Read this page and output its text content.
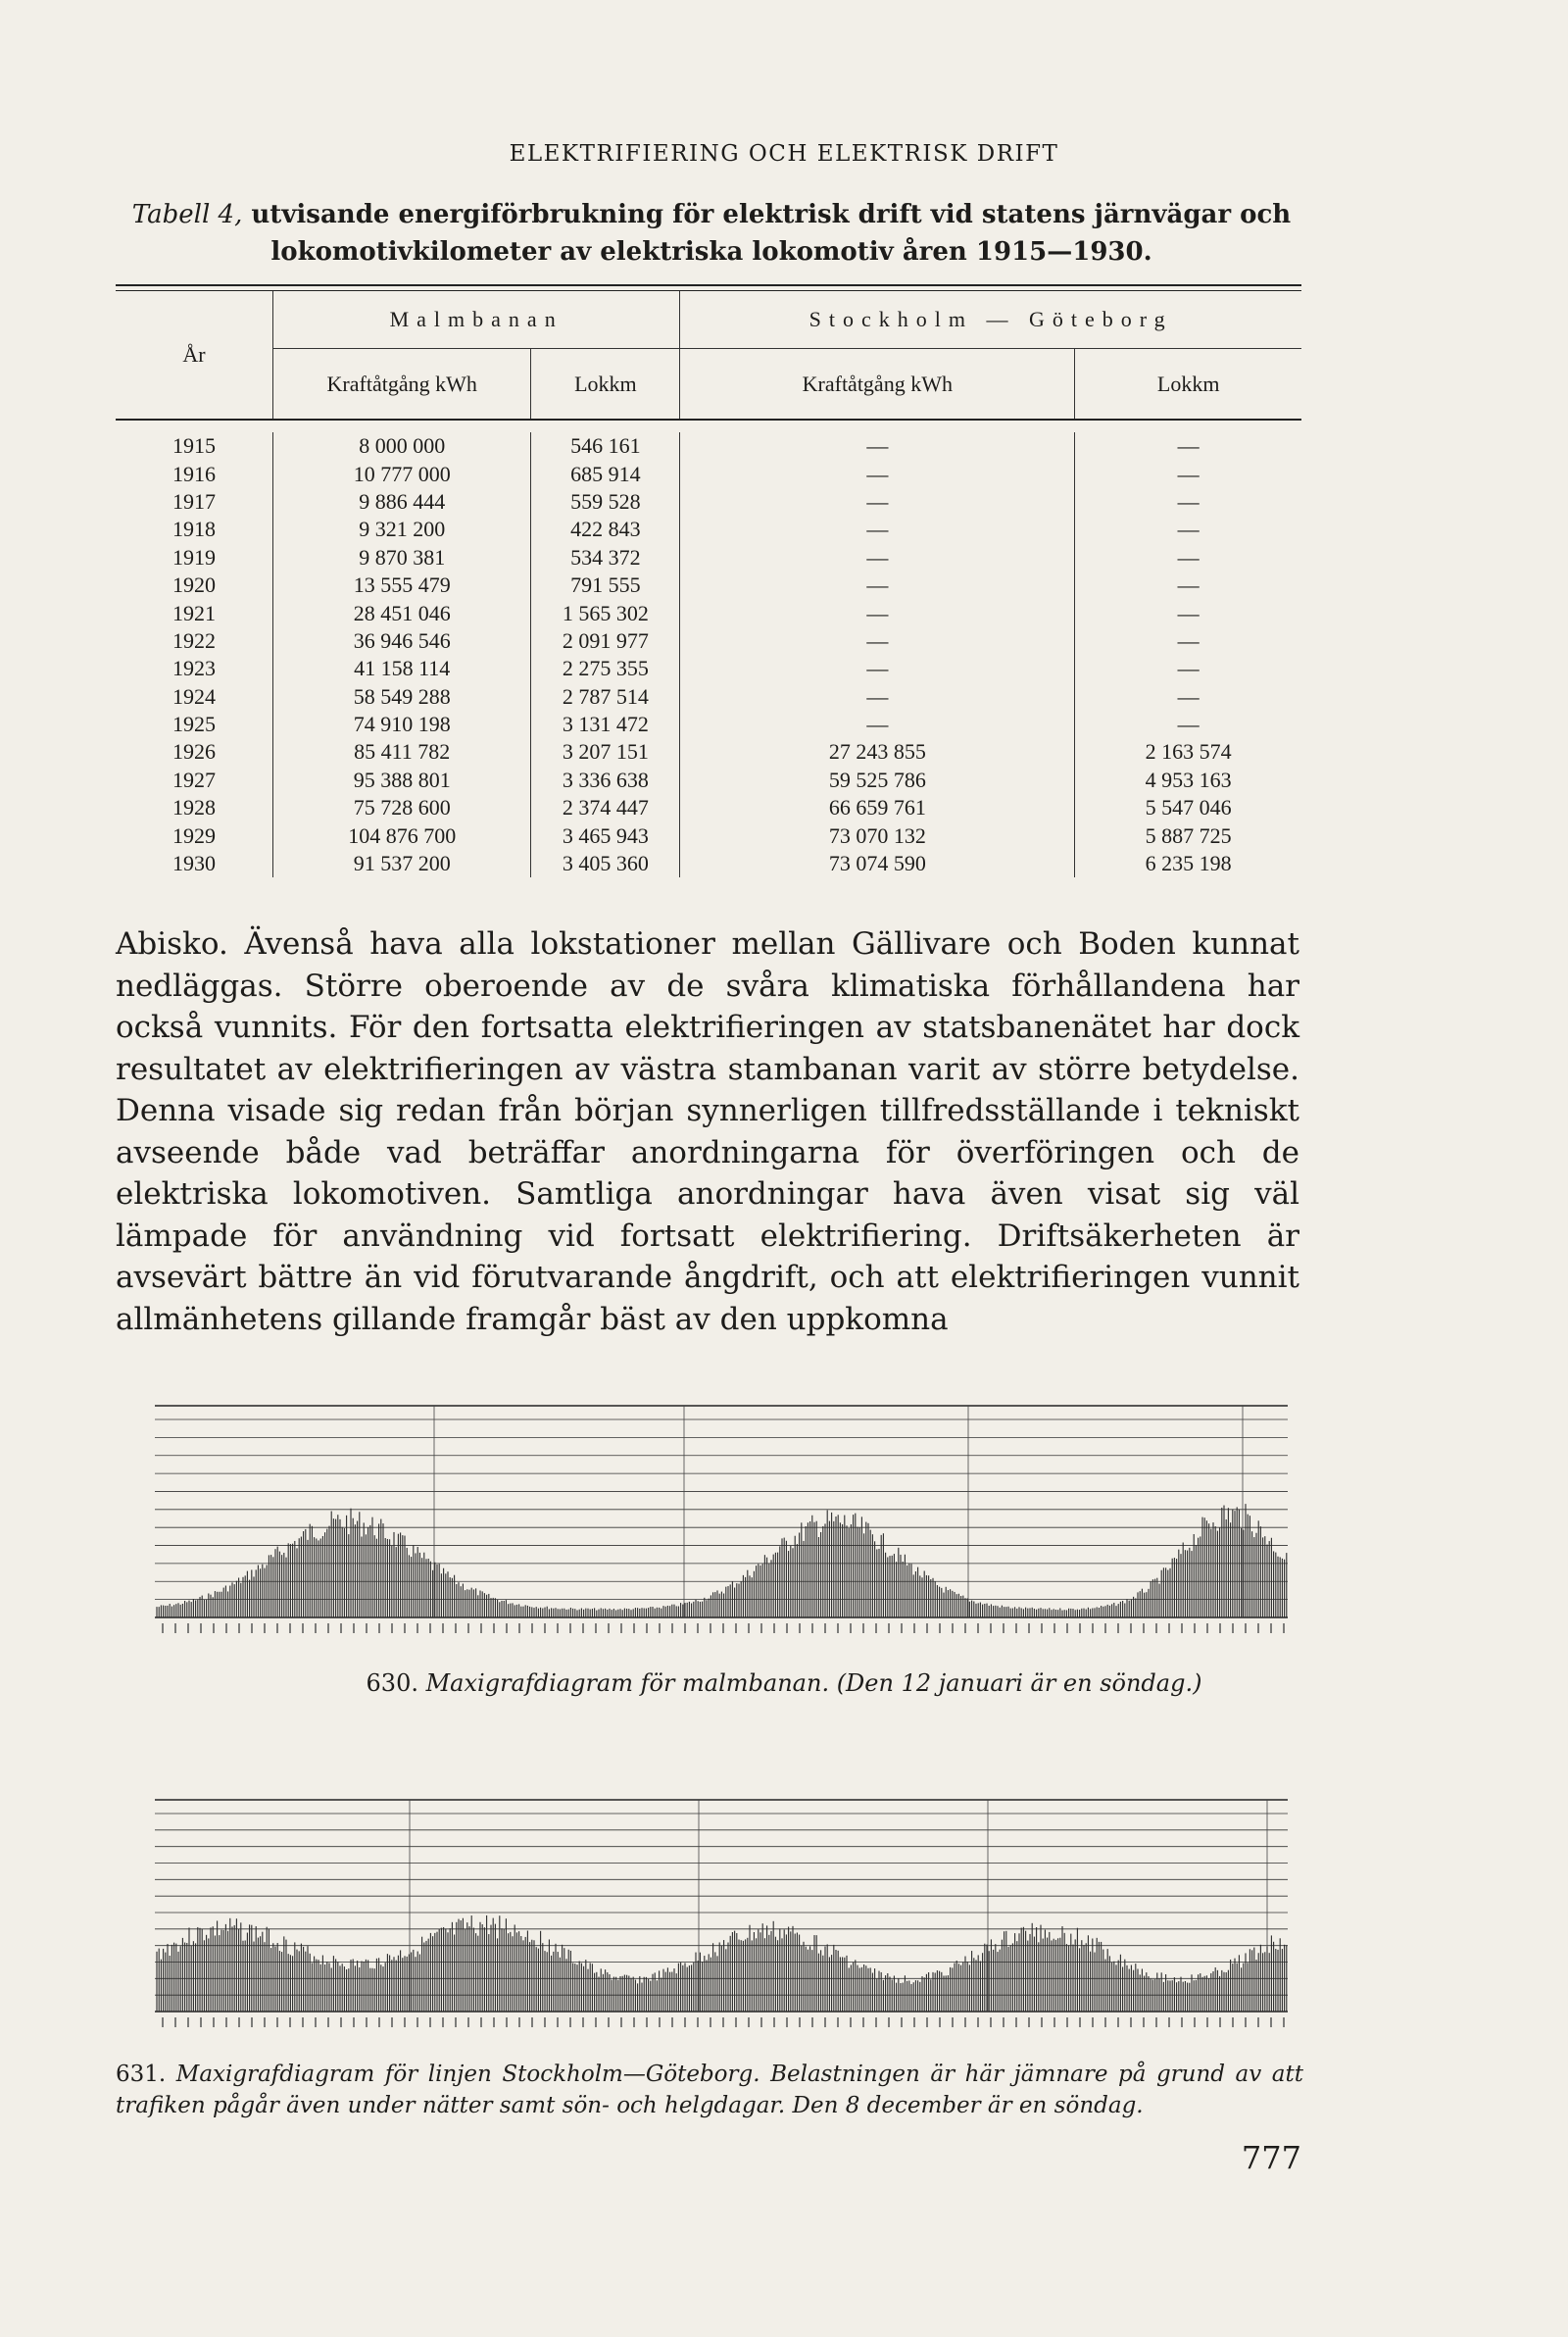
ELEKTRIFIERING OCH ELEKTRISK DRIFT
Tabell 4, utvisande energiförbrukning för elektrisk drift vid statens järnvägar och lokomotivkilometer av elektriska lokomotiv åren 1915—1930.
År	Malmbanan		Stockholm — Göteborg	
	Kraftåtgång kWh	Lokkm	Kraftåtgång kWh	Lokkm

1915	8 000 000	546 161	—	—
1916	10 777 000	685 914	—	—
1917	9 886 444	559 528	—	—
1918	9 321 200	422 843	—	—
1919	9 870 381	534 372	—	—
1920	13 555 479	791 555	—	—
1921	28 451 046	1 565 302	—	—
1922	36 946 546	2 091 977	—	—
1923	41 158 114	2 275 355	—	—
1924	58 549 288	2 787 514	—	—
1925	74 910 198	3 131 472	—	—
1926	85 411 782	3 207 151	27 243 855	2 163 574
1927	95 388 801	3 336 638	59 525 786	4 953 163
1928	75 728 600	2 374 447	66 659 761	5 547 046
1929	104 876 700	3 465 943	73 070 132	5 887 725
1930	91 537 200	3 405 360	73 074 590	6 235 198
Abisko. Ävenså hava alla lokstationer mellan Gällivare och Boden kunnat nedläggas. Större oberoende av de svåra klimatiska förhållandena har också vunnits. För den fortsatta elektrifieringen av statsbanenätet har dock resultatet av elektrifieringen av västra stambanan varit av större betydelse. Denna visade sig redan från början synnerligen tillfredsställande i tekniskt avseende både vad beträffar anordningarna för överföringen och de elektriska lokomotiven. Samtliga anordningar hava även visat sig väl lämpade för användning vid fortsatt elektrifiering. Driftsäkerheten är avsevärt bättre än vid förutvarande ångdrift, och att elektrifieringen vunnit allmänhetens gillande framgår bäst av den uppkomna
630. Maxigrafdiagram för malmbanan. (Den 12 januari är en söndag.)
631. Maxigrafdiagram för linjen Stockholm—Göteborg. Belastningen är här jämnare på grund av att trafiken pågår även under nätter samt sön- och helgdagar. Den 8 december är en söndag.
777
